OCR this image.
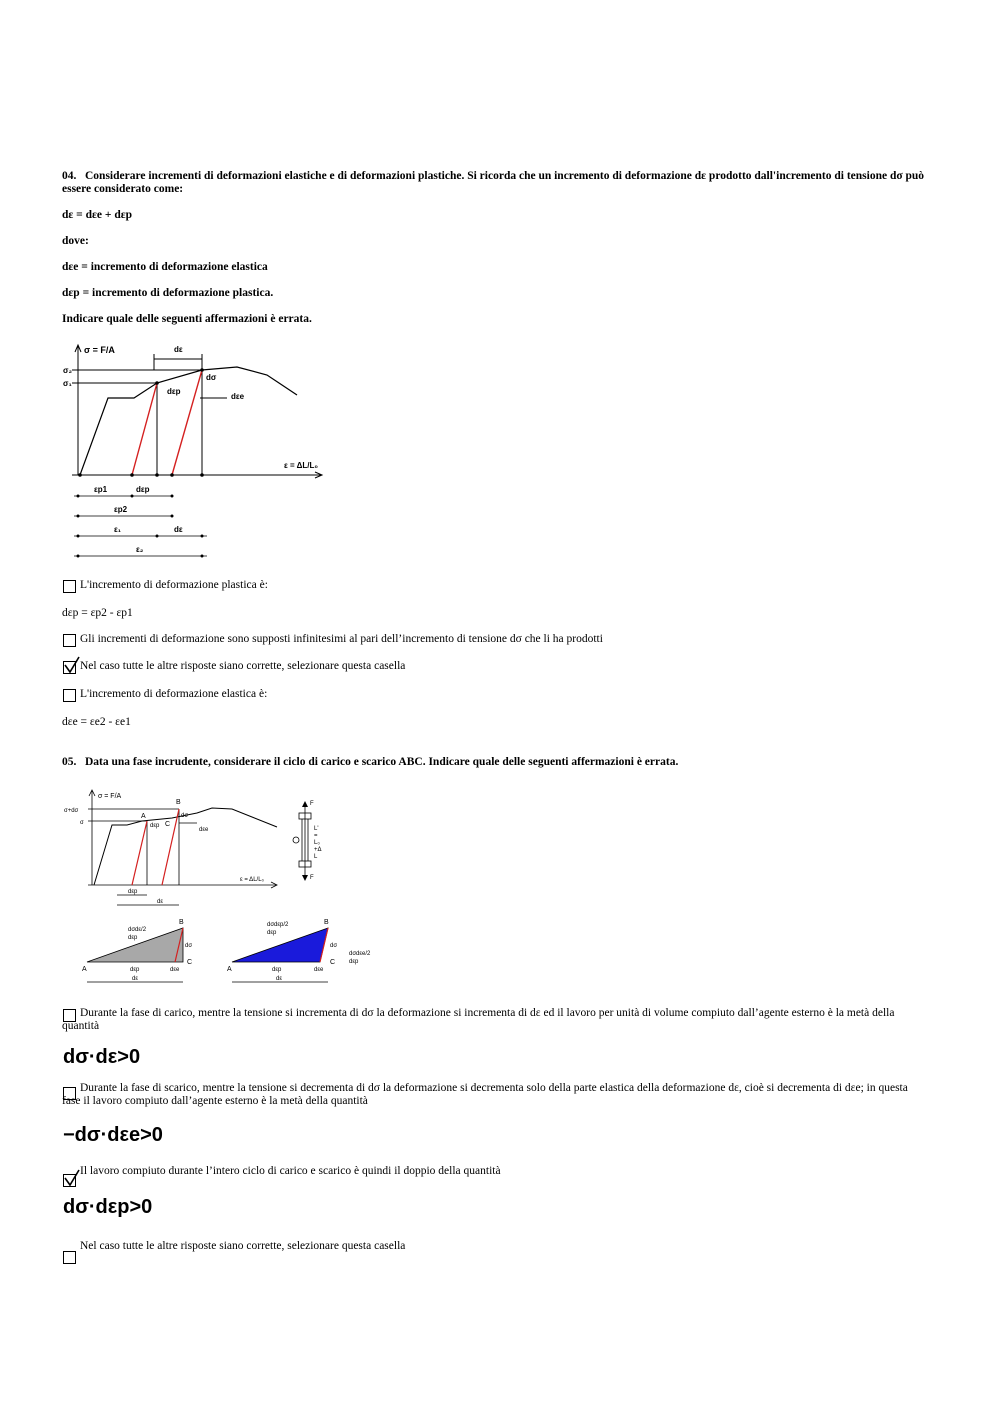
04. Considerare incrementi di deformazioni elastiche e di deformazioni plastiche. Si ricorda che un incremento di deformazione dε prodotto dall'incremento di tensione dσ può essere considerato come:
dε = dεe + dεp
dove:
dεe = incremento di deformazione elastica
dεp = incremento di deformazione plastica.
Indicare quale delle seguenti affermazioni è errata.
σ = F/A
σ₂
σ₁
dε
dσ
dεp
dεe
ε = ΔL/L₀
εp1	dεp
εp2
ε₁	dε
ε₂
L'incremento di deformazione plastica è:
dεp = εp2 - εp1
Gli incrementi di deformazione sono supposti infinitesimi al pari dell’incremento di tensione dσ che li ha prodotti
Nel caso tutte le altre risposte siano corrette, selezionare questa casella
L'incremento di deformazione elastica è:
dεe = εe2 - εe1
05. Data una fase incrudente, considerare il ciclo di carico e scarico ABC. Indicare quale delle seguenti affermazioni è errata.
σ = F/A
σ+dσ
σ
A
B
C
dσ
dεp
dεe
ε = ΔL/L₀
dεp
dε
F
F
L'
=
L₀
+Δ
L
A
B
C
dσ
dσdε/2
dεp
dεp	dεe
dε
A
B
C
dσ
dσdεp/2
dεp
dσdεe/2
dεp
dεp	dεe
dε
Durante la fase di carico, mentre la tensione si incrementa di dσ la deformazione si incrementa di dε ed il lavoro per unità di volume compiuto dall’agente esterno è la metà della quantità
dσ·dε>0
Durante la fase di scarico, mentre la tensione si decrementa di dσ la deformazione si decrementa solo della parte elastica della deformazione dε, cioè si decrementa di dεe; in questa fase il lavoro compiuto dall’agente esterno è la metà della quantità
−dσ·dεe>0
Il lavoro compiuto durante l’intero ciclo di carico e scarico è quindi il doppio della quantità
dσ·dεp>0
Nel caso tutte le altre risposte siano corrette, selezionare questa casella
